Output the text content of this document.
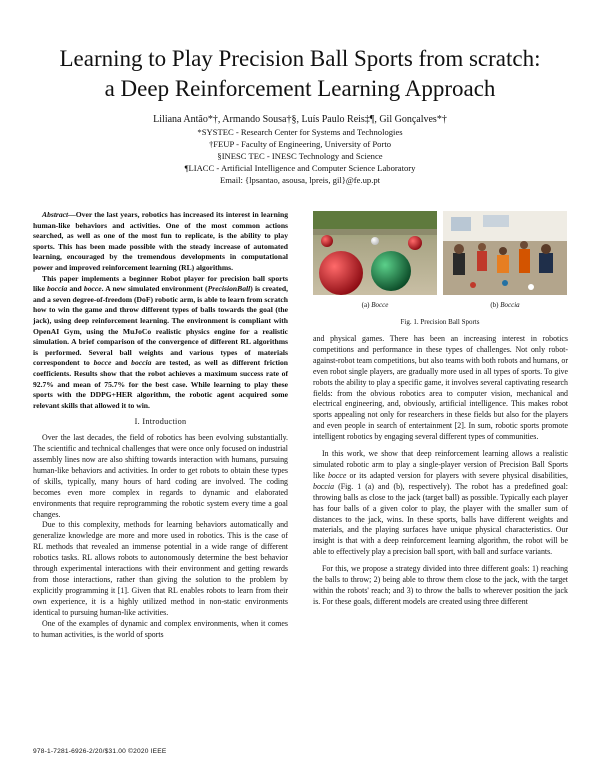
Learning to Play Precision Ball Sports from scratch:
a Deep Reinforcement Learning Approach
Liliana Antão*†, Armando Sousa†§, Luís Paulo Reis‡¶, Gil Gonçalves*†
*SYSTEC - Research Center for Systems and Technologies
†FEUP - Faculty of Engineering, University of Porto
§INESC TEC - INESC Technology and Science
¶LIACC - Artificial Intelligence and Computer Science Laboratory
Email: {lpsantao, asousa, lpreis, gil}@fe.up.pt

Abstract—Over the last years, robotics has increased its interest in learning human-like behaviors and activities. One of the most common actions searched, as well as one of the most fun to replicate, is the ability to play sports. This has been made possible with the steady increase of automated learning, encouraged by the tremendous developments in computational power and improved reinforcement learning (RL) algorithms.

This paper implements a beginner Robot player for precision ball sports like boccia and bocce. A new simulated environment (PrecisionBall) is created, and a seven degree-of-freedom (DoF) robotic arm, is able to learn from scratch how to win the game and throw different types of balls towards the goal (the jack), using deep reinforcement learning. The environment is compliant with OpenAI Gym, using the MuJoCo realistic physics engine for a realistic simulation. A brief comparison of the convergence of different RL algorithms is performed. Several ball weights and various types of materials correspondent to bocce and boccia are tested, as well as different friction coefficients. Results show that the robot achieves a maximum success rate of 92.7% and mean of 75.7% for the best case. While learning to play these sports with the DDPG+HER algorithm, the robotic agent acquired some relevant skills that allowed it to win.

I. Introduction

Over the last decades, the field of robotics has been evolving substantially. The scientific and technical challenges that were once only focused on industrial assembly lines now are also shifting towards interaction with humans, pursuing human-like behaviors and activities. In order to get robots to obtain these types of skills, typically, many hours of hard coding are involved. The coding becomes even more complex in regards to dynamic and elaborated environments that require reprogramming the robotic system every time a goal changes.

Due to this complexity, methods for learning behaviors automatically and generalize knowledge are more and more used in robotics. This is the case of RL methods that revealed an immense potential in a wide range of different robotics tasks. RL allows robots to autonomously determine the best behavior through experimental interactions with their environment and getting rewards from those interactions, rather than giving the solution to the problem by explicitly programming it [1]. Given that RL enables robots to learn from their own experience, it is a highly utilized method in non-static environments identical to pursuing human-like activities.

One of the examples of dynamic and complex environments, when it comes to human activities, is the world of sports

(a) Bocce	(b) Boccia
Fig. 1. Precision Ball Sports

and physical games. There has been an increasing interest in robotics competitions and performance in these types of challenges. Not only robot-against-robot team competitions, but also teams with both robots and humans, or even robot single players, are gradually more used in all types of sports. To give robots the ability to play a specific game, it involves several captivating research fields: from the obvious robotics area to computer vision, mechanical and electrical engineering, and, obviously, artificial intelligence. This makes robot sports appealing not only for researchers in these fields but also for the players and even people in search of entertainment [2]. In sum, robotic sports promote intelligent robotics by engaging several different types of communities.

In this work, we show that deep reinforcement learning allows a realistic simulated robotic arm to play a single-player version of Precision Ball Sports like bocce or its adapted version for players with severe physical disabilities, boccia (Fig. 1 (a) and (b), respectively). The robot has a predefined goal: throwing balls as close to the jack (target ball) as possible. Typically each player has four balls of a given color to play, the player with the smaller sum of distances to the jack, wins. In these sports, balls have different weights and materials, and the playing surfaces have unique physical characteristics. Our insight is that with a deep reinforcement learning algorithm, the robot will be able to effectively play a precision ball sport, with ball and surface variants.

For this, we propose a strategy divided into three different goals: 1) reaching the balls to throw; 2) being able to throw them close to the jack, with the target within the robots' reach; and 3) to throw the balls to wherever position the jack is. For these goals, different models are created using three different

978-1-7281-6926-2/20/$31.00 ©2020 IEEE
